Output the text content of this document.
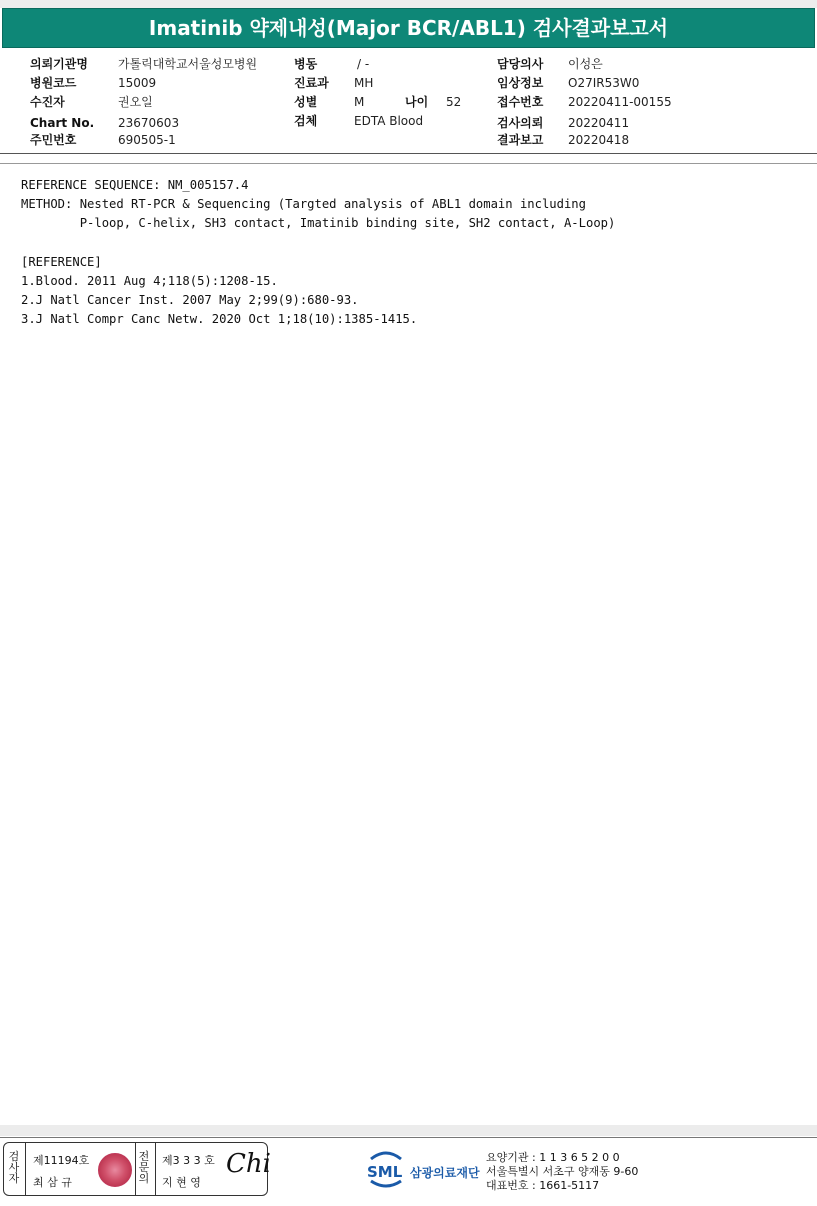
Imatinib 약제내성(Major BCR/ABL1) 검사결과보고서
의뢰기관명	가톨릭대학교서울성모병원
병원코드	15009
수진자	권오일
Chart No. 23670603
주민번호	690505-1
병동	/ -
진료과 MH
성별	M	나이 52
검체	EDTA Blood
담당의사 이성은
임상정보 O27IR53W0
접수번호 20220411-00155
검사의뢰 20220411
결과보고 20220418
REFERENCE SEQUENCE: NM_005157.4
METHOD: Nested RT-PCR & Sequencing (Targted analysis of ABL1 domain including
P-loop, C-helix, SH3 contact, Imatinib binding site, SH2 contact, A-Loop)
[REFERENCE]
1.Blood. 2011 Aug 4;118(5):1208-15.
2.J Natl Cancer Inst. 2007 May 2;99(9):680-93.
3.J Natl Compr Canc Netw. 2020 Oct 1;18(10):1385-1415.
검
사
자
제11194호
최 삼 규
전
문
의
제3 3 3 호
지 현 영
Chi	SML 삼광의료재단
요양기관 : 1 1 3 6 5 2 0 0
서울특별시 서초구 양재동 9-60
대표번호 : 1661-5117
